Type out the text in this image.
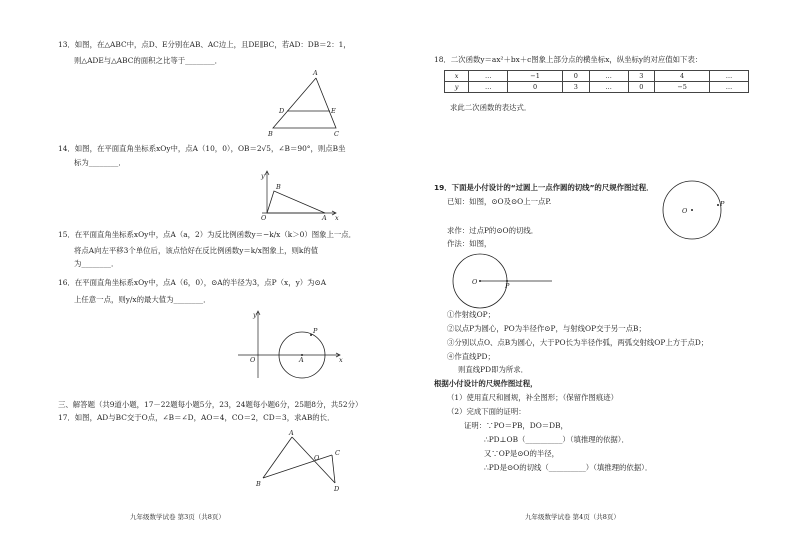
13．如图，在△ABC中，点D、E分别在AB、AC边上，且DE∥BC，若AD：DB＝2：1，
则△ADE与△ABC的面积之比等于________．
A
B	C
D	E
14．如图，在平面直角坐标系xOy中，点A（10，0），OB＝2√5，∠B＝90°，则点B坐
标为________．
y
B
O	A x
15．在平面直角坐标系xOy中，点A（a，2）为反比例函数y＝−k/x（k＞0）图象上一点．
将点A向左平移3个单位后，该点恰好在反比例函数y＝k/x图象上，则k的值
为________．
16．在平面直角坐标系xOy中，点A（6，0），⊙A的半径为3，点P（x，y）为⊙A
上任意一点，则y/x的最大值为________．
y
P
O	A	x
三、解答题（共9道小题，17－22题每小题5分，23，24题每小题6分，25题8分，共52分）
17．如图，AD与BC交于O点，∠B＝∠D，AO＝4，CO＝2，CD＝3，求AB的长．
A
B
O
C
D
九年级数学试卷 第3页（共8页）
18．二次函数y＝ax²＋bx＋c图象上部分点的横坐标x，纵坐标y的对应值如下表：
x	…	−1	0	…	3	4	…
y	…	0	3	…	0	−5	…
求此二次函数的表达式．
19．下面是小付设计的“过圆上一点作圆的切线”的尺规作图过程．
已知：如图，⊙O及⊙O上一点P.
O
P
求作：过点P的⊙O的切线．
作法：如图，
O	P
①作射线OP；
②以点P为圆心，PO为半径作⊙P，与射线OP交于另一点B；
③分别以点O、点B为圆心，大于PO长为半径作弧，两弧交射线OP上方于点D；
④作直线PD；
则直线PD即为所求．
根据小付设计的尺规作图过程，
（1）使用直尺和圆规，补全图形；（保留作图痕迹）
（2）完成下面的证明：
证明：∵PO＝PB，DO＝DB，
∴PD⊥OB（__________）（填推理的依据）．
又∵OP是⊙O的半径，
∴PD是⊙O的切线（__________）（填推理的依据）．
九年级数学试卷 第4页（共8页）
